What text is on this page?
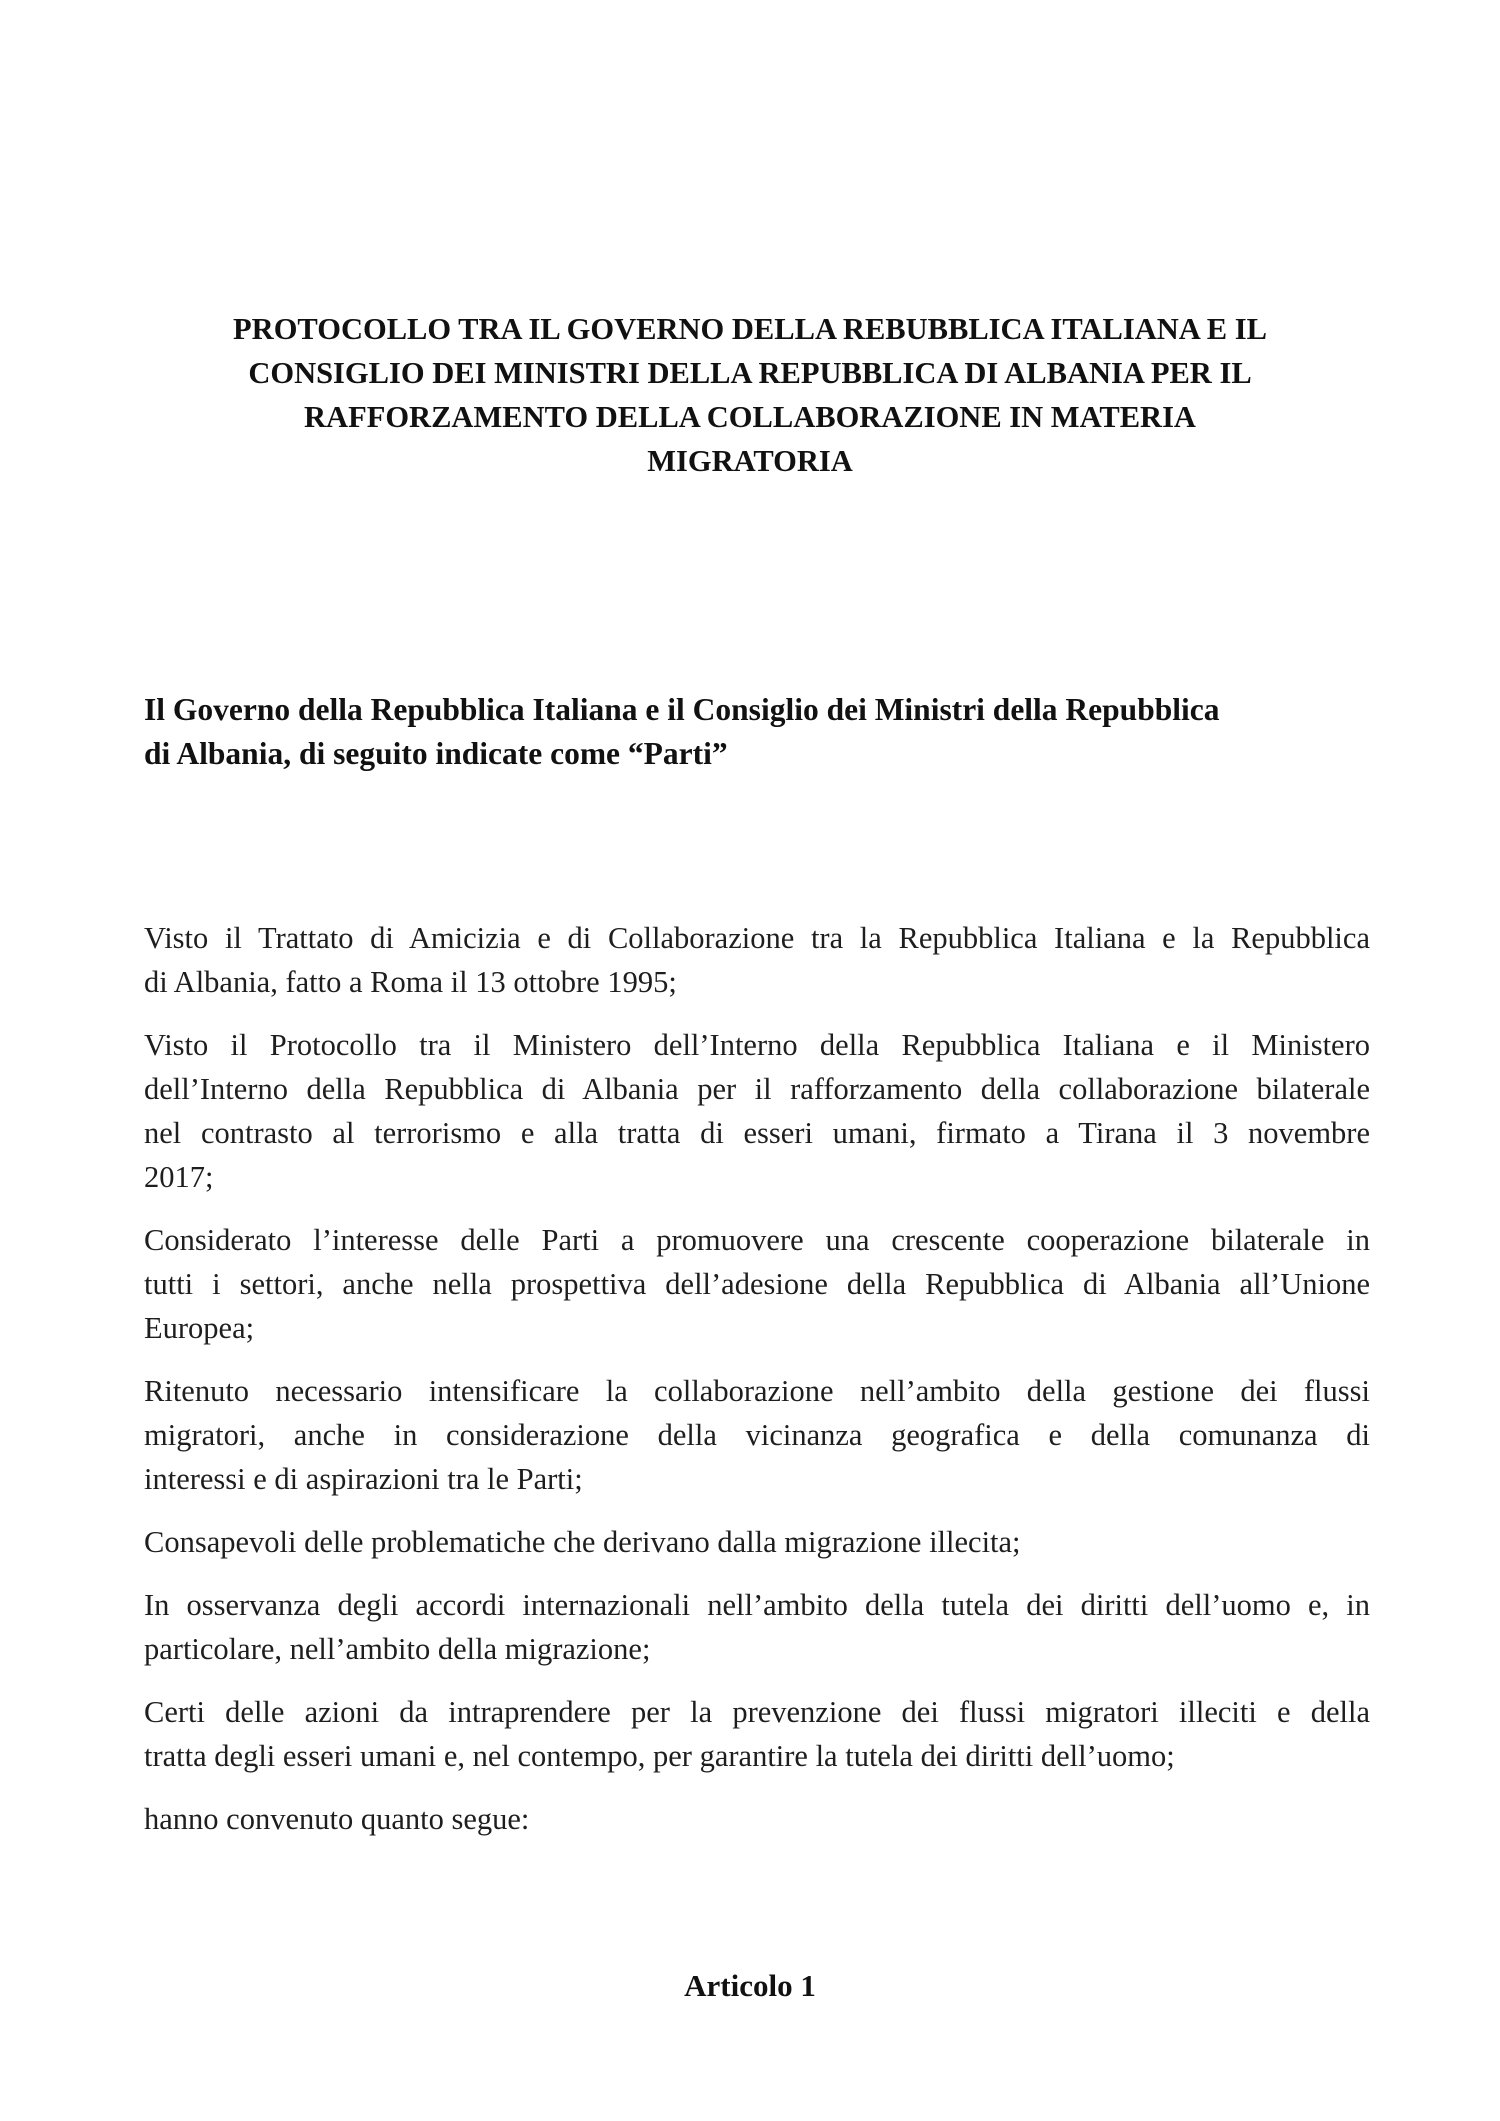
PROTOCOLLO TRA IL GOVERNO DELLA REBUBBLICA ITALIANA E IL
CONSIGLIO DEI MINISTRI DELLA REPUBBLICA DI ALBANIA PER IL
RAFFORZAMENTO DELLA COLLABORAZIONE IN MATERIA
MIGRATORIA

Il Governo della Repubblica Italiana e il Consiglio dei Ministri della Repubblica
di Albania, di seguito indicate come “Parti”

Visto il Trattato di Amicizia e di Collaborazione tra la Repubblica Italiana e la Repubblica
di Albania, fatto a Roma il 13 ottobre 1995;

Visto il Protocollo tra il Ministero dell’Interno della Repubblica Italiana e il Ministero
dell’Interno della Repubblica di Albania per il rafforzamento della collaborazione bilaterale
nel contrasto al terrorismo e alla tratta di esseri umani, firmato a Tirana il 3 novembre
2017;

Considerato l’interesse delle Parti a promuovere una crescente cooperazione bilaterale in
tutti i settori, anche nella prospettiva dell’adesione della Repubblica di Albania all’Unione
Europea;

Ritenuto necessario intensificare la collaborazione nell’ambito della gestione dei flussi
migratori, anche in considerazione della vicinanza geografica e della comunanza di
interessi e di aspirazioni tra le Parti;

Consapevoli delle problematiche che derivano dalla migrazione illecita;

In osservanza degli accordi internazionali nell’ambito della tutela dei diritti dell’uomo e, in
particolare, nell’ambito della migrazione;

Certi delle azioni da intraprendere per la prevenzione dei flussi migratori illeciti e della
tratta degli esseri umani e, nel contempo, per garantire la tutela dei diritti dell’uomo;

hanno convenuto quanto segue:

Articolo 1
